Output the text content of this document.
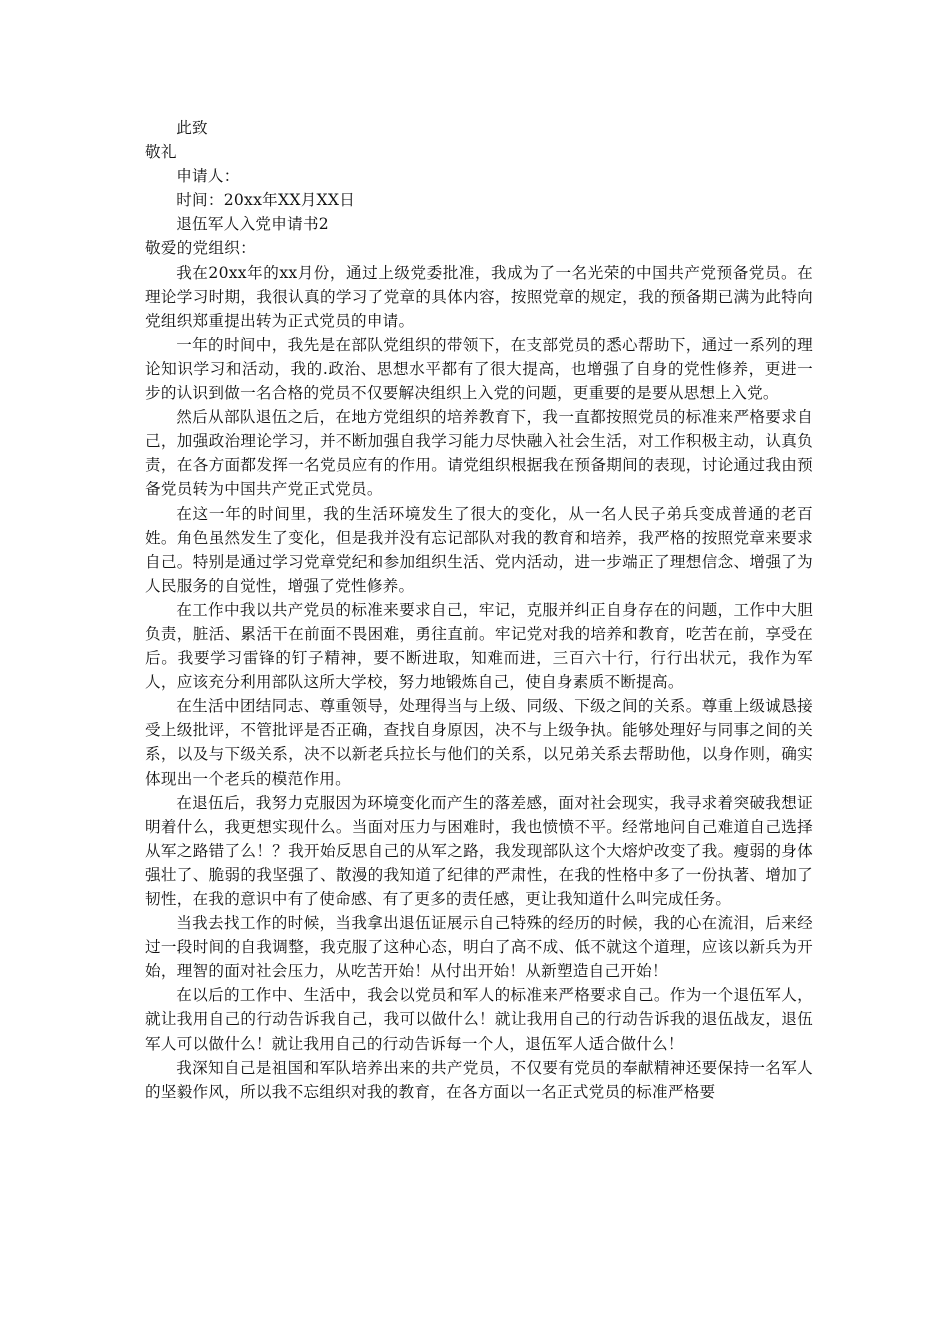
此致
敬礼
申请人：
时间：20xx年XX月XX日
退伍军人入党申请书2
敬爱的党组织：
我在20xx年的xx月份，通过上级党委批准，我成为了一名光荣的中国共产党预备党员。在理论学习时期，我很认真的学习了党章的具体内容，按照党章的规定，我的预备期已满为此特向党组织郑重提出转为正式党员的申请。
一年的时间中，我先是在部队党组织的带领下，在支部党员的悉心帮助下，通过一系列的理论知识学习和活动，我的.政治、思想水平都有了很大提高，也增强了自身的党性修养，更进一步的认识到做一名合格的党员不仅要解决组织上入党的问题，更重要的是要从思想上入党。
然后从部队退伍之后，在地方党组织的培养教育下，我一直都按照党员的标准来严格要求自己，加强政治理论学习，并不断加强自我学习能力尽快融入社会生活，对工作积极主动，认真负责，在各方面都发挥一名党员应有的作用。请党组织根据我在预备期间的表现，讨论通过我由预备党员转为中国共产党正式党员。
在这一年的时间里，我的生活环境发生了很大的变化，从一名人民子弟兵变成普通的老百姓。角色虽然发生了变化，但是我并没有忘记部队对我的教育和培养，我严格的按照党章来要求自己。特别是通过学习党章党纪和参加组织生活、党内活动，进一步端正了理想信念、增强了为人民服务的自觉性，增强了党性修养。
在工作中我以共产党员的标准来要求自己，牢记，克服并纠正自身存在的问题，工作中大胆负责，脏活、累活干在前面不畏困难，勇往直前。牢记党对我的培养和教育，吃苦在前，享受在后。我要学习雷锋的钉子精神，要不断进取，知难而进，三百六十行，行行出状元，我作为军人，应该充分利用部队这所大学校，努力地锻炼自己，使自身素质不断提高。
在生活中团结同志、尊重领导，处理得当与上级、同级、下级之间的关系。尊重上级诚恳接受上级批评，不管批评是否正确，查找自身原因，决不与上级争执。能够处理好与同事之间的关系，以及与下级关系，决不以新老兵拉长与他们的关系，以兄弟关系去帮助他，以身作则，确实体现出一个老兵的模范作用。
在退伍后，我努力克服因为环境变化而产生的落差感，面对社会现实，我寻求着突破我想证明着什么，我更想实现什么。当面对压力与困难时，我也愤愤不平。经常地问自己难道自己选择从军之路错了么！？我开始反思自己的从军之路，我发现部队这个大熔炉改变了我。瘦弱的身体强壮了、脆弱的我坚强了、散漫的我知道了纪律的严肃性，在我的性格中多了一份执著、增加了韧性，在我的意识中有了使命感、有了更多的责任感，更让我知道什么叫完成任务。
当我去找工作的时候，当我拿出退伍证展示自己特殊的经历的时候，我的心在流泪，后来经过一段时间的自我调整，我克服了这种心态，明白了高不成、低不就这个道理，应该以新兵为开始，理智的面对社会压力，从吃苦开始！从付出开始！从新塑造自己开始！
在以后的工作中、生活中，我会以党员和军人的标准来严格要求自己。作为一个退伍军人，就让我用自己的行动告诉我自己，我可以做什么！就让我用自己的行动告诉我的退伍战友，退伍军人可以做什么！就让我用自己的行动告诉每一个人，退伍军人适合做什么！
我深知自己是祖国和军队培养出来的共产党员，不仅要有党员的奉献精神还要保持一名军人的坚毅作风，所以我不忘组织对我的教育，在各方面以一名正式党员的标准严格要
